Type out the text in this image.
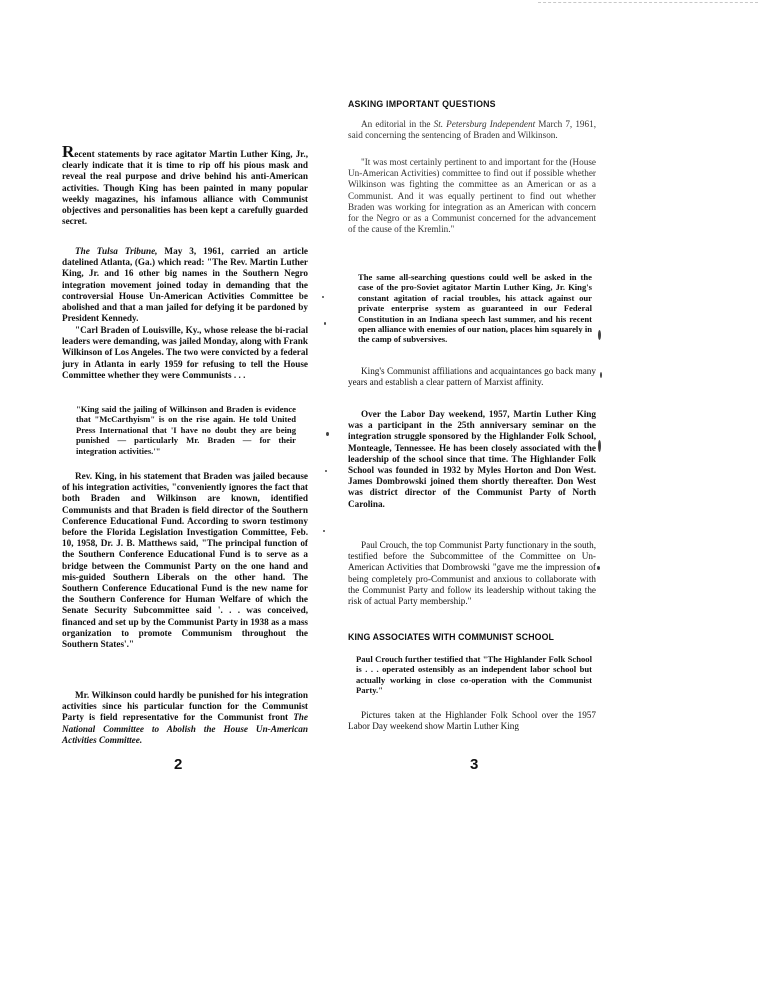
Recent statements by race agitator Martin Luther King, Jr., clearly indicate that it is time to rip off his pious mask and reveal the real purpose and drive behind his anti-American activities. Though King has been painted in many popular weekly magazines, his infamous alliance with Communist objectives and personalities has been kept a carefully guarded secret.

The Tulsa Tribune, May 3, 1961, carried an article datelined Atlanta, (Ga.) which read: "The Rev. Martin Luther King, Jr. and 16 other big names in the Southern Negro integration movement joined today in demanding that the controversial House Un-American Activities Committee be abolished and that a man jailed for defying it be pardoned by President Kennedy.

"Carl Braden of Louisville, Ky., whose release the bi-racial leaders were demanding, was jailed Monday, along with Frank Wilkinson of Los Angeles. The two were convicted by a federal jury in Atlanta in early 1959 for refusing to tell the House Committee whether they were Communists . . .

"King said the jailing of Wilkinson and Braden is evidence that "McCarthyism" is on the rise again. He told United Press International that 'I have no doubt they are being punished — particularly Mr. Braden — for their integration activities.'"

Rev. King, in his statement that Braden was jailed because of his integration activities, "conveniently ignores the fact that both Braden and Wilkinson are known, identified Communists and that Braden is field director of the Southern Conference Educational Fund. According to sworn testimony before the Florida Legislation Investigation Committee, Feb. 10, 1958, Dr. J. B. Matthews said, "The principal function of the Southern Conference Educational Fund is to serve as a bridge between the Communist Party on the one hand and mis-guided Southern Liberals on the other hand. The Southern Conference Educational Fund is the new name for the Southern Conference for Human Welfare of which the Senate Security Subcommittee said '. . . was conceived, financed and set up by the Communist Party in 1938 as a mass organization to promote Communism throughout the Southern States'."

Mr. Wilkinson could hardly be punished for his integration activities since his particular function for the Communist Party is field representative for the Communist front The National Committee to Abolish the House Un-American Activities Committee.

ASKING IMPORTANT QUESTIONS

An editorial in the St. Petersburg Independent March 7, 1961, said concerning the sentencing of Braden and Wilkinson.

"It was most certainly pertinent to and important for the (House Un-American Activities) committee to find out if possible whether Wilkinson was fighting the committee as an American or as a Communist. And it was equally pertinent to find out whether Braden was working for integration as an American with concern for the Negro or as a Communist concerned for the advancement of the cause of the Kremlin."

The same all-searching questions could well be asked in the case of the pro-Soviet agitator Martin Luther King, Jr. King's constant agitation of racial troubles, his attack against our private enterprise system as guaranteed in our Federal Constitution in an Indiana speech last summer, and his recent open alliance with enemies of our nation, places him squarely in the camp of subversives.

King's Communist affiliations and acquaintances go back many years and establish a clear pattern of Marxist affinity.

Over the Labor Day weekend, 1957, Martin Luther King was a participant in the 25th anniversary seminar on the integration struggle sponsored by the Highlander Folk School, Monteagle, Tennessee. He has been closely associated with the leadership of the school since that time. The Highlander Folk School was founded in 1932 by Myles Horton and Don West. James Dombrowski joined them shortly thereafter. Don West was district director of the Communist Party of North Carolina.

Paul Crouch, the top Communist Party functionary in the south, testified before the Subcommittee of the Committee on Un-American Activities that Dombrowski "gave me the impression of being completely pro-Communist and anxious to collaborate with the Communist Party and follow its leadership without taking the risk of actual Party membership."

KING ASSOCIATES WITH COMMUNIST SCHOOL

Paul Crouch further testified that "The Highlander Folk School is . . . operated ostensibly as an independent labor school but actually working in close co-operation with the Communist Party."

Pictures taken at the Highlander Folk School over the 1957 Labor Day weekend show Martin Luther King

2	3
